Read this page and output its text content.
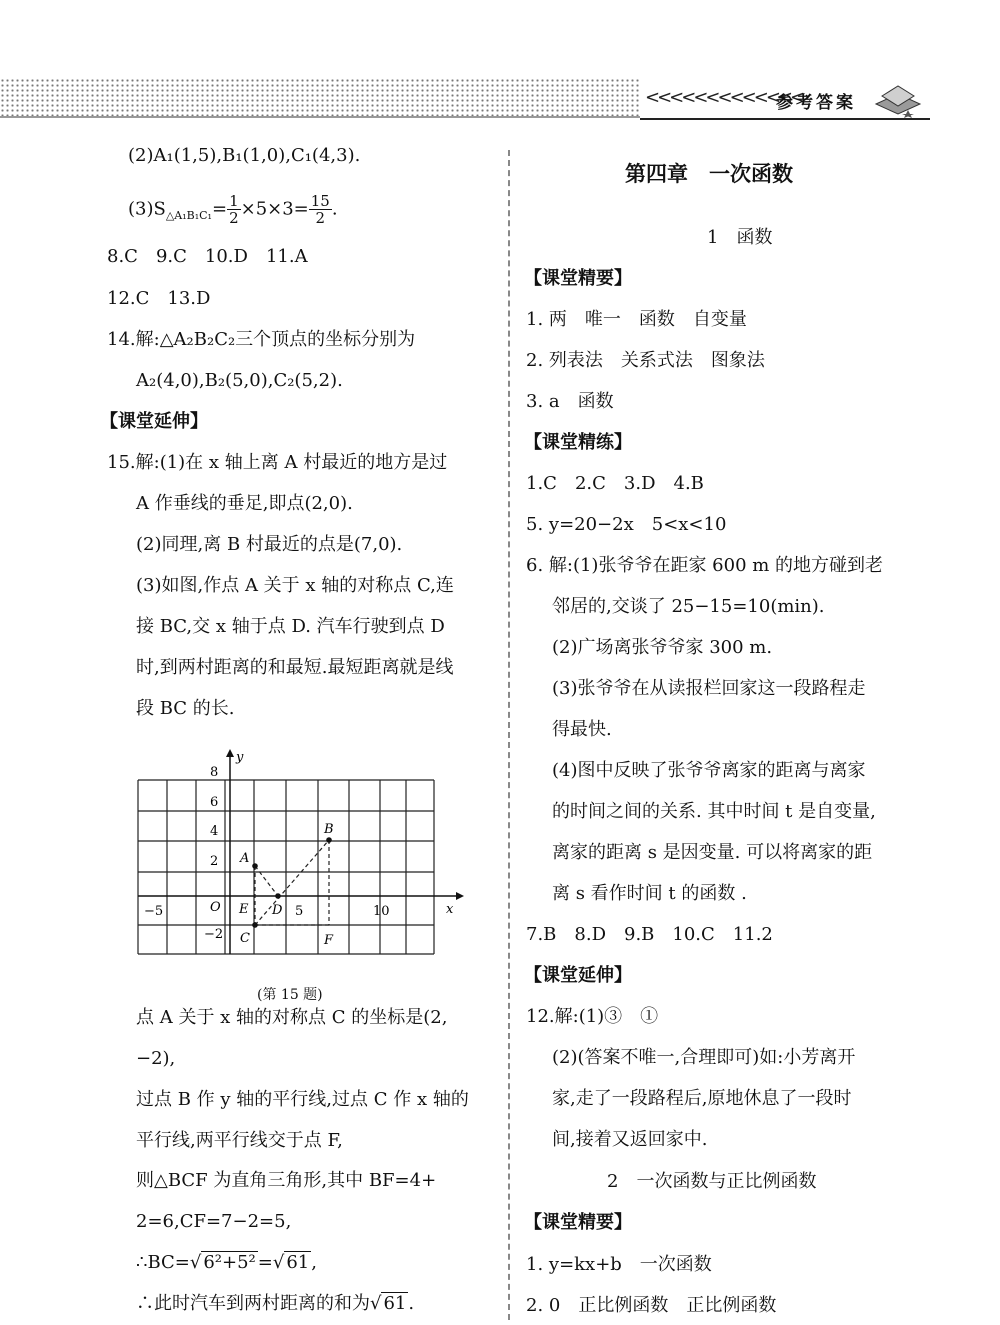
<<<<<<<<<<<<<
参考答案
(2)A₁(1,5),B₁(1,0),C₁(4,3).
$(3)S_{\triangle A_1B_1C_1}= \frac{1}{2} \times 5\times 3= \frac{15}{2}$ .
8.C　9.C　10.D　11.A
12.C　13.D
14.解:△A₂B₂C₂三个顶点的坐标分别为
A₂(4,0),B₂(5,0),C₂(5,2).
【课堂延伸】
15.解:(1)在 x 轴上离 A 村最近的地方是过
A 作垂线的垂足,即点(2,0).
(2)同理,离 B 村最近的点是(7,0).
(3)如图,作点 A 关于 x 轴的对称点 C,连
接 BC,交 x 轴于点 D. 汽车行驶到点 D
时,到两村距离的和最短.最短距离就是线
段 BC 的长.
y
x
O
8
6
4
2
−2
−5	5	10
A
B
C
D
E
F
(第 15 题)
点 A 关于 x 轴的对称点 C 的坐标是(2,
−2),
过点 B 作 y 轴的平行线,过点 C 作 x 轴的
平行线,两平行线交于点 F,
则△BCF 为直角三角形,其中 BF=4+
2=6,CF=7−2=5,
∴BC=√ 6²+5² =√ 61 ,
∴此时汽车到两村距离的和为√ 61 .
第四章　一次函数
1　函数
【课堂精要】
1. 两　唯一　函数　自变量
2. 列表法　关系式法　图象法
3. a　函数
【课堂精练】
1.C　2.C　3.D　4.B
5. y=20−2x　5<x<10
6. 解:(1)张爷爷在距家 600 m 的地方碰到老
邻居的,交谈了 25−15=10(min).
(2)广场离张爷爷家 300 m.
(3)张爷爷在从读报栏回家这一段路程走
得最快.
(4)图中反映了张爷爷离家的距离与离家
的时间之间的关系. 其中时间 t 是自变量,
离家的距离 s 是因变量. 可以将离家的距
离 s 看作时间 t 的函数 .
7.B　8.D　9.B　10.C　11.2
【课堂延伸】
12.解:(1)③　①
(2)(答案不唯一,合理即可)如:小芳离开
家,走了一段路程后,原地休息了一段时
间,接着又返回家中.
2　一次函数与正比例函数
【课堂精要】
1. y=kx+b　一次函数
2. 0　正比例函数　正比例函数
